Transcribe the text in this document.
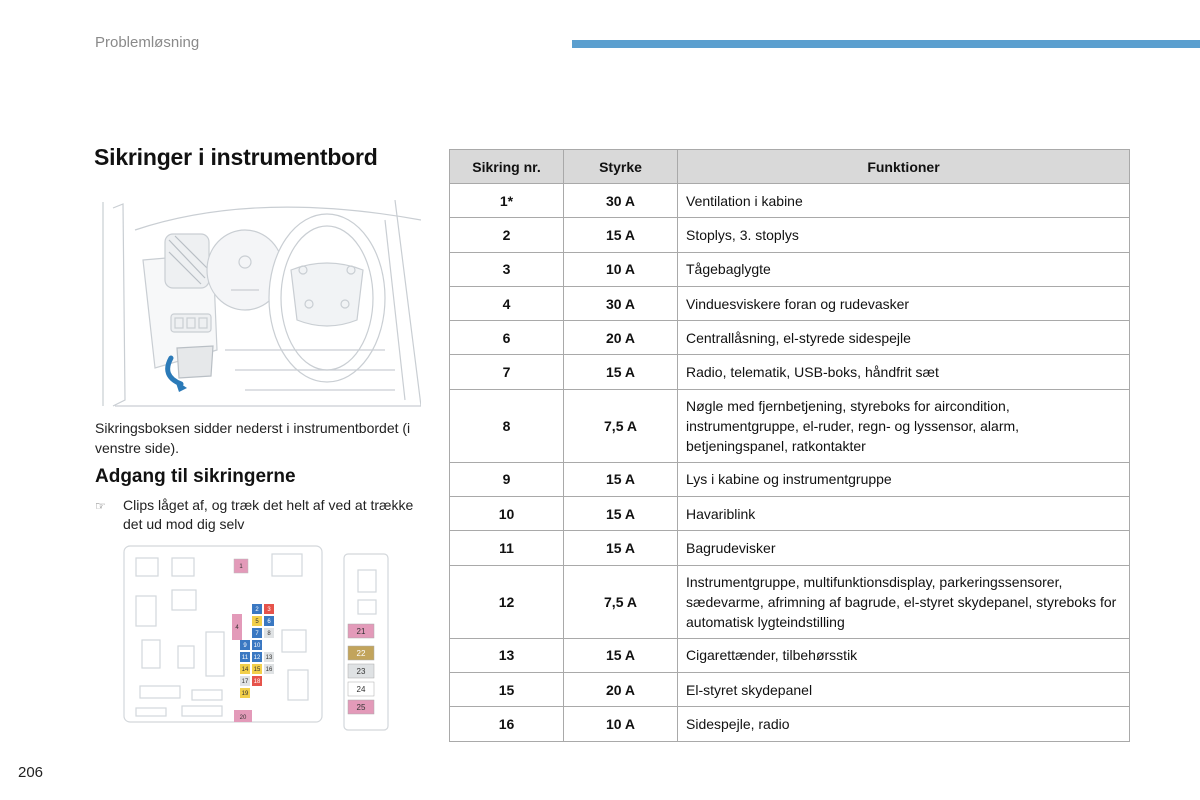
Problemløsning
Sikringer i instrumentbord

Sikringsboksen sidder nederst i instrumentbordet (i venstre side).

Adgang til sikringerne
☞	Clips låget af, og træk det helt af ved at trække det ud mod dig selv
1
2 3
4
5 6
7 8
9 10
11 12 13
14 15 16
17 18
19
20
21
22
23
24
25
Sikring nr.	Styrke	Funktioner
1*	30 A	Ventilation i kabine
2	15 A	Stoplys, 3. stoplys
3	10 A	Tågebaglygte
4	30 A	Vinduesviskere foran og rudevasker
6	20 A	Centrallåsning, el-styrede sidespejle
7	15 A	Radio, telematik, USB-boks, håndfrit sæt
8	7,5 A	Nøgle med fjernbetjening, styreboks for aircondition, instrumentgruppe, el-ruder, regn- og lyssensor, alarm, betjeningspanel, ratkontakter
9	15 A	Lys i kabine og instrumentgruppe
10	15 A	Havariblink
11	15 A	Bagrudevisker
12	7,5 A	Instrumentgruppe, multifunktionsdisplay, parkeringssensorer, sædevarme, afrimning af bagrude, el-styret skydepanel, styreboks for automatisk lygteindstilling
13	15 A	Cigarettænder, tilbehørsstik
15	20 A	El-styret skydepanel
16	10 A	Sidespejle, radio
206
